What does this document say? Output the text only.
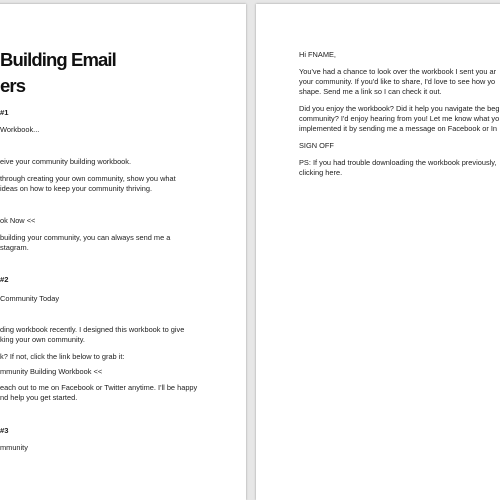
Building Email
ers

#1

Workbook...

eive your community building workbook.

through creating your own community, show you what

ideas on how to keep your community thriving.

ok Now <<

building your community, you can always send me a

stagram.

#2

Community Today

ding workbook recently. I designed this workbook to give

king your own community.

k? If not, click the link below to grab it:

mmunity Building Workbook <<

each out to me on Facebook or Twitter anytime. I'll be happy

nd help you get started.

#3

mmunity

Hi FNAME,

You've had a chance to look over the workbook I sent you ar

your community. If you'd like to share, I'd love to see how yo

shape. Send me a link so I can check it out.

Did you enjoy the workbook? Did it help you navigate the beg

community? I'd enjoy hearing from you! Let me know what yo

implemented it by sending me a message on Facebook or In

SIGN OFF

PS: If you had trouble downloading the workbook previously,

clicking here.
